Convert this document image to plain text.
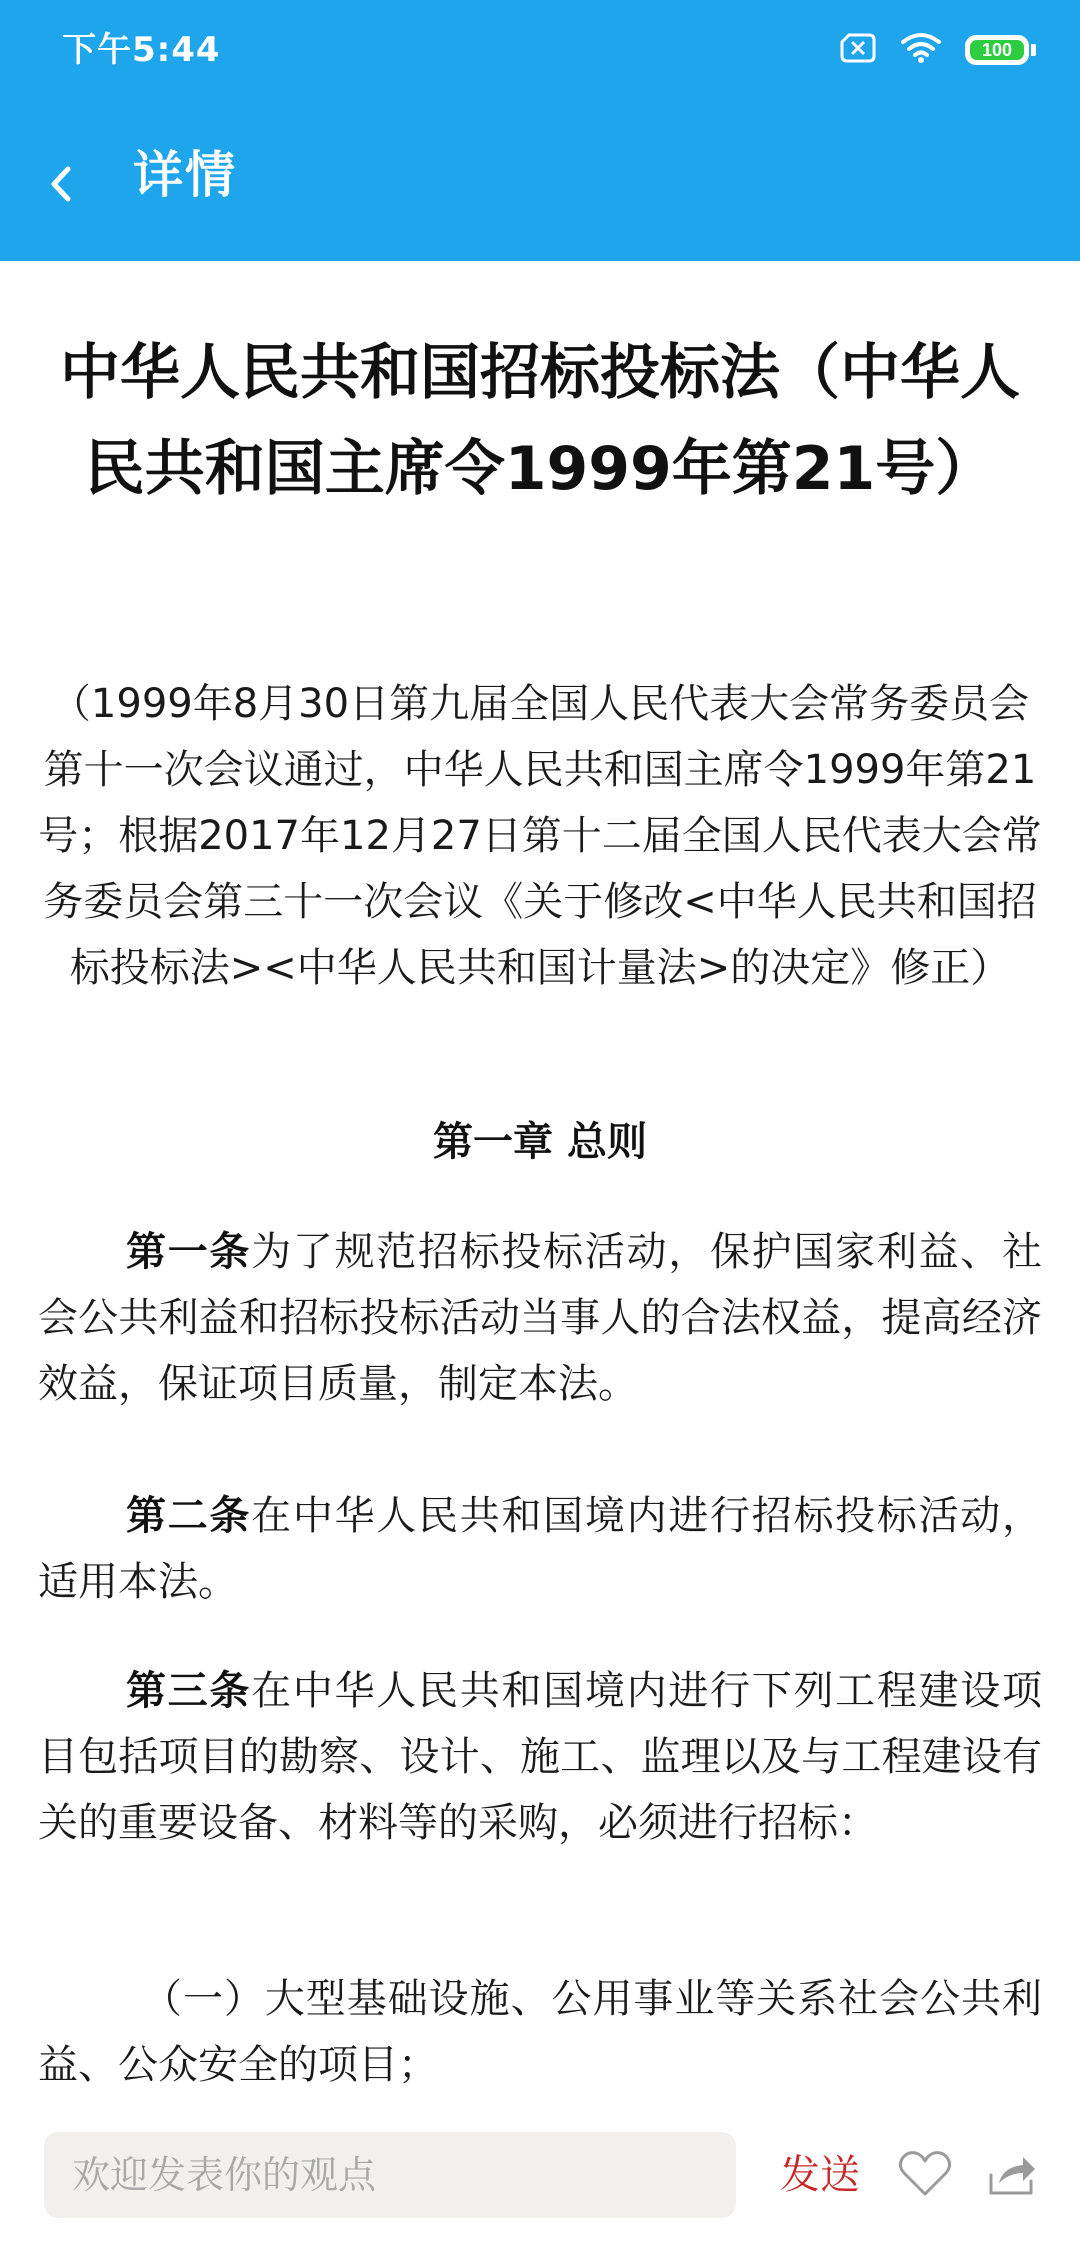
下午5:44	100
详情
中华人民共和国招标投标法（中华人民共和国主席令1999年第21号）
（1999年8月30日第九届全国人民代表大会常务委员会第十一次会议通过，中华人民共和国主席令1999年第21号；根据2017年12月27日第十二届全国人民代表大会常务委员会第三十一次会议《关于修改<中华人民共和国招标投标法><中华人民共和国计量法>的决定》修正）
第一章 总则

第一条为了规范招标投标活动，保护国家利益、社会公共利益和招标投标活动当事人的合法权益，提高经济效益，保证项目质量，制定本法。

第二条在中华人民共和国境内进行招标投标活动，适用本法。

第三条在中华人民共和国境内进行下列工程建设项目包括项目的勘察、设计、施工、监理以及与工程建设有关的重要设备、材料等的采购，必须进行招标：

（一）大型基础设施、公用事业等关系社会公共利益、公众安全的项目；

欢迎发表你的观点
发送
